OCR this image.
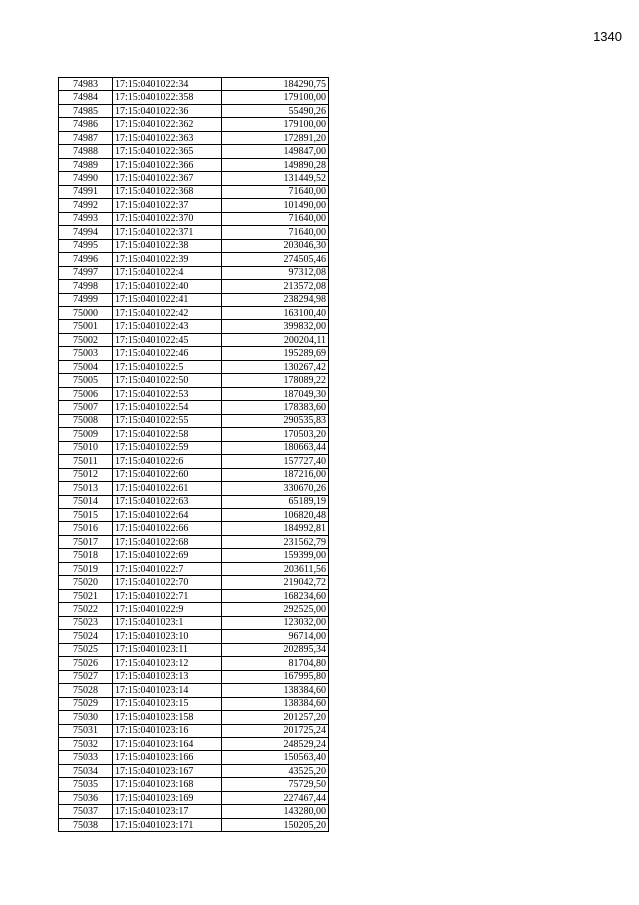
1340
74983	17:15:0401022:34	184290,75
74984	17:15:0401022:358	179100,00
74985	17:15:0401022:36	55490,26
74986	17:15:0401022:362	179100,00
74987	17:15:0401022:363	172891,20
74988	17:15:0401022:365	149847,00
74989	17:15:0401022:366	149890,28
74990	17:15:0401022:367	131449,52
74991	17:15:0401022:368	71640,00
74992	17:15:0401022:37	101490,00
74993	17:15:0401022:370	71640,00
74994	17:15:0401022:371	71640,00
74995	17:15:0401022:38	203046,30
74996	17:15:0401022:39	274505,46
74997	17:15:0401022:4	97312,08
74998	17:15:0401022:40	213572,08
74999	17:15:0401022:41	238294,98
75000	17:15:0401022:42	163100,40
75001	17:15:0401022:43	399832,00
75002	17:15:0401022:45	200204,11
75003	17:15:0401022:46	195289,69
75004	17:15:0401022:5	130267,42
75005	17:15:0401022:50	178089,22
75006	17:15:0401022:53	187049,30
75007	17:15:0401022:54	178383,60
75008	17:15:0401022:55	290535,83
75009	17:15:0401022:58	170503,20
75010	17:15:0401022:59	180663,44
75011	17:15:0401022:6	157727,40
75012	17:15:0401022:60	187216,00
75013	17:15:0401022:61	330670,26
75014	17:15:0401022:63	65189,19
75015	17:15:0401022:64	106820,48
75016	17:15:0401022:66	184992,81
75017	17:15:0401022:68	231562,79
75018	17:15:0401022:69	159399,00
75019	17:15:0401022:7	203611,56
75020	17:15:0401022:70	219042,72
75021	17:15:0401022:71	168234,60
75022	17:15:0401022:9	292525,00
75023	17:15:0401023:1	123032,00
75024	17:15:0401023:10	96714,00
75025	17:15:0401023:11	202895,34
75026	17:15:0401023:12	81704,80
75027	17:15:0401023:13	167995,80
75028	17:15:0401023:14	138384,60
75029	17:15:0401023:15	138384,60
75030	17:15:0401023:158	201257,20
75031	17:15:0401023:16	201725,24
75032	17:15:0401023:164	248529,24
75033	17:15:0401023:166	150563,40
75034	17:15:0401023:167	43525,20
75035	17:15:0401023:168	75729,50
75036	17:15:0401023:169	227467,44
75037	17:15:0401023:17	143280,00
75038	17:15:0401023:171	150205,20
